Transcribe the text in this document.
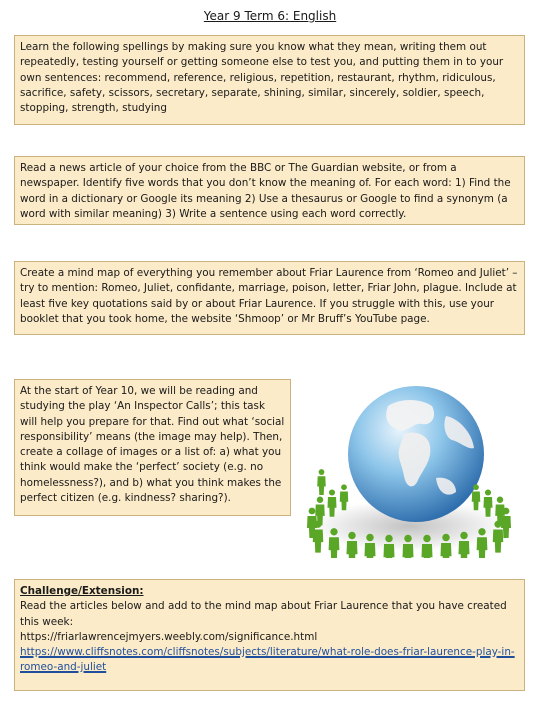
Year 9 Term 6: English

Learn the following spellings by making sure you know what they mean, writing them out repeatedly, testing yourself or getting someone else to test you, and putting them in to your own sentences: recommend, reference, religious, repetition, restaurant, rhythm, ridiculous, sacrifice, safety, scissors, secretary, separate, shining, similar, sincerely, soldier, speech, stopping, strength, studying

Read a news article of your choice from the BBC or The Guardian website, or from a newspaper. Identify five words that you don’t know the meaning of. For each word: 1) Find the word in a dictionary or Google its meaning 2) Use a thesaurus or Google to find a synonym (a word with similar meaning) 3) Write a sentence using each word correctly.

Create a mind map of everything you remember about Friar Laurence from ‘Romeo and Juliet’ – try to mention: Romeo, Juliet, confidante, marriage, poison, letter, Friar John, plague. Include at least five key quotations said by or about Friar Laurence. If you struggle with this, use your booklet that you took home, the website ‘Shmoop’ or Mr Bruff’s YouTube page.

At the start of Year 10, we will be reading and studying the play ‘An Inspector Calls’; this task will help you prepare for that. Find out what ‘social responsibility’ means (the image may help). Then, create a collage of images or a list of: a) what you think would make the ‘perfect’ society (e.g. no homelessness?), and b) what you think makes the perfect citizen (e.g. kindness? sharing?).

Challenge/Extension:

Read the articles below and add to the mind map about Friar Laurence that you have created this week:

https://friarlawrencejmyers.weebly.com/significance.html

https://www.cliffsnotes.com/cliffsnotes/subjects/literature/what-role-does-friar-laurence-play-in-romeo-and-juliet
